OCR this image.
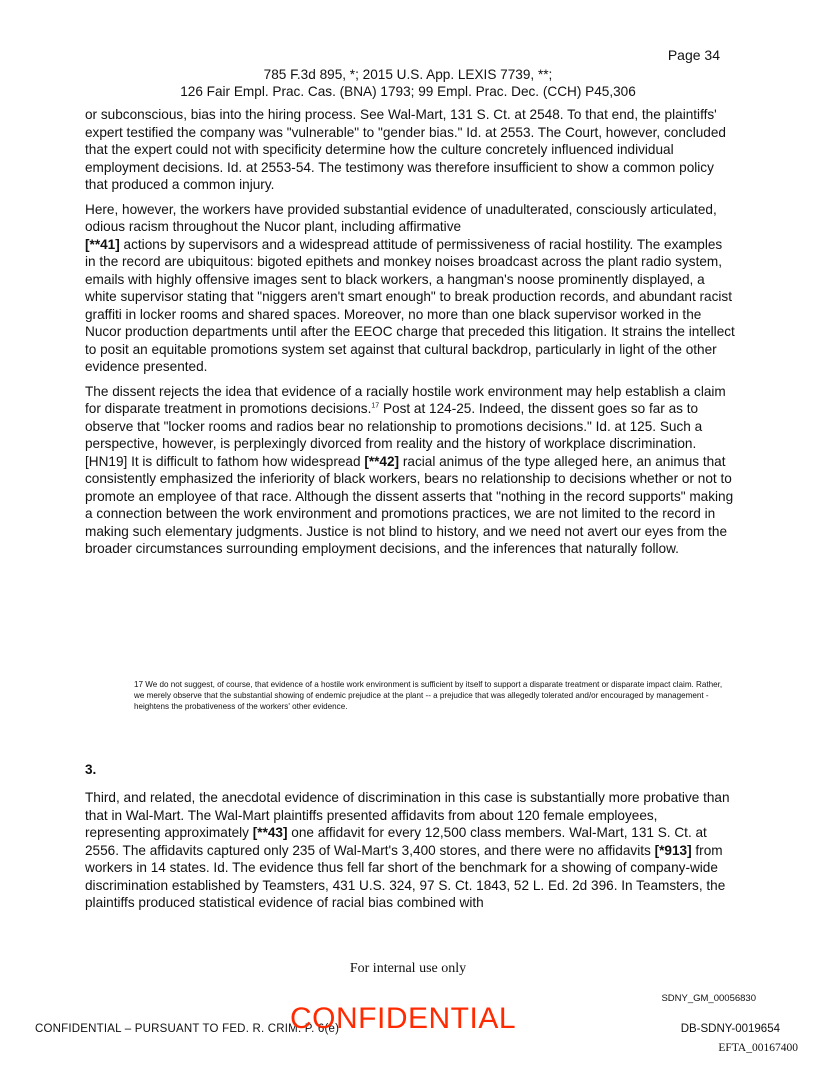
Page 34
785 F.3d 895, *; 2015 U.S. App. LEXIS 7739, **;
126 Fair Empl. Prac. Cas. (BNA) 1793; 99 Empl. Prac. Dec. (CCH) P45,306

or subconscious, bias into the hiring process. See Wal-Mart, 131 S. Ct. at 2548. To that end, the plaintiffs' expert testified the company was "vulnerable" to "gender bias." Id. at 2553. The Court, however, concluded that the expert could not with specificity determine how the culture concretely influenced individual employment decisions. Id. at 2553-54. The testimony was therefore insufficient to show a common policy that produced a common injury.

Here, however, the workers have provided substantial evidence of unadulterated, consciously articulated, odious racism throughout the Nucor plant, including affirmative
[**41] actions by supervisors and a widespread attitude of permissiveness of racial hostility. The examples in the record are ubiquitous: bigoted epithets and monkey noises broadcast across the plant radio system, emails with highly offensive images sent to black workers, a hangman's noose prominently displayed, a white supervisor stating that "niggers aren't smart enough" to break production records, and abundant racist graffiti in locker rooms and shared spaces. Moreover, no more than one black supervisor worked in the Nucor production departments until after the EEOC charge that preceded this litigation. It strains the intellect to posit an equitable promotions system set against that cultural backdrop, particularly in light of the other evidence presented.

The dissent rejects the idea that evidence of a racially hostile work environment may help establish a claim for disparate treatment in promotions decisions.$^{17}$ Post at 124-25. Indeed, the dissent goes so far as to observe that "locker rooms and radios bear no relationship to promotions decisions." Id. at 125. Such a perspective, however, is perplexingly divorced from reality and the history of workplace discrimination. [HN19] It is difficult to fathom how widespread [**42] racial animus of the type alleged here, an animus that consistently emphasized the inferiority of black workers, bears no relationship to decisions whether or not to promote an employee of that race. Although the dissent asserts that "nothing in the record supports" making a connection between the work environment and promotions practices, we are not limited to the record in making such elementary judgments. Justice is not blind to history, and we need not avert our eyes from the broader circumstances surrounding employment decisions, and the inferences that naturally follow.

17 We do not suggest, of course, that evidence of a hostile work environment is sufficient by itself to support a disparate treatment or disparate impact claim. Rather, we merely observe that the substantial showing of endemic prejudice at the plant -- a prejudice that was allegedly tolerated and/or encouraged by management - heightens the probativeness of the workers' other evidence.
3.
Third, and related, the anecdotal evidence of discrimination in this case is substantially more probative than that in Wal-Mart. The Wal-Mart plaintiffs presented affidavits from about 120 female employees, representing approximately [**43] one affidavit for every 12,500 class members. Wal-Mart, 131 S. Ct. at 2556. The affidavits captured only 235 of Wal-Mart's 3,400 stores, and there were no affidavits [*913] from workers in 14 states. Id. The evidence thus fell far short of the benchmark for a showing of company-wide discrimination established by Teamsters, 431 U.S. 324, 97 S. Ct. 1843, 52 L. Ed. 2d 396. In Teamsters, the plaintiffs produced statistical evidence of racial bias combined with
For internal use only
SDNY_GM_00056830
CONFIDENTIAL – PURSUANT TO FED. R. CRIM. P. 6(e)
CONFIDENTIAL	DB-SDNY-0019654
EFTA_00167400
